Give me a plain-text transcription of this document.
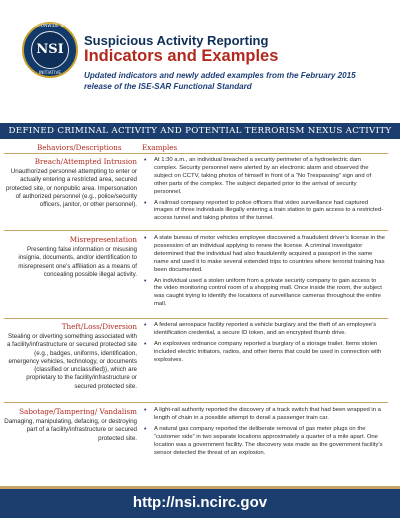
NATIONWIDE SAR
NSI
INITIATIVE
Suspicious Activity Reporting
Indicators and Examples
Updated indicators and newly added examples from the February 2015 release of the ISE-SAR Functional Standard
DEFINED CRIMINAL ACTIVITY AND POTENTIAL TERRORISM NEXUS ACTIVITY
Behaviors/Descriptions	Examples
Breach/Attempted Intrusion
Unauthorized personnel attempting to enter or actually entering a restricted area, secured protected site, or nonpublic area. Impersonation of authorized personnel (e.g., police/security officers, janitor, or other personnel).
• At 1:30 a.m., an individual breached a security perimeter of a hydroelectric dam complex. Security personnel were alerted by an electronic alarm and observed the subject on CCTV, taking photos of himself in front of a “No Trespassing” sign and of other parts of the complex. The subject departed prior to the arrival of security personnel.
• A railroad company reported to police officers that video surveillance had captured images of three individuals illegally entering a train station to gain access to a restricted-access tunnel and taking photos of the tunnel.
Misrepresentation
Presenting false information or misusing insignia, documents, and/or identification to misrepresent one’s affiliation as a means of concealing possible illegal activity.
• A state bureau of motor vehicles employee discovered a fraudulent driver’s license in the possession of an individual applying to renew the license. A criminal investigator determined that the individual had also fraudulently acquired a passport in the same name and used it to make several extended trips to countries where terrorist training has been documented.
• An individual used a stolen uniform from a private security company to gain access to the video monitoring control room of a shopping mall. Once inside the room, the subject was caught trying to identify the locations of surveillance cameras throughout the entire mall.
Theft/Loss/Diversion
Stealing or diverting something associated with a facility/infrastructure or secured protected site (e.g., badges, uniforms, identification, emergency vehicles, technology, or documents {classified or unclassified}), which are proprietary to the facility/infrastructure or secured protected site.
• A federal aerospace facility reported a vehicle burglary and the theft of an employee’s identification credential, a secure ID token, and an encrypted thumb drive.
• An explosives ordnance company reported a burglary of a storage trailer. Items stolen included electric initiators, radios, and other items that could be used in connection with explosives.
Sabotage/Tampering/ Vandalism
Damaging, manipulating, defacing, or destroying part of a facility/infrastructure or secured protected site.
• A light-rail authority reported the discovery of a track switch that had been wrapped in a length of chain in a possible attempt to derail a passenger train car.
• A natural gas company reported the deliberate removal of gas meter plugs on the “customer side” in two separate locations approximately a quarter of a mile apart. One location was a government facility. The discovery was made as the government facility’s sensor detected the threat of an explosion.
http://nsi.ncirc.gov
